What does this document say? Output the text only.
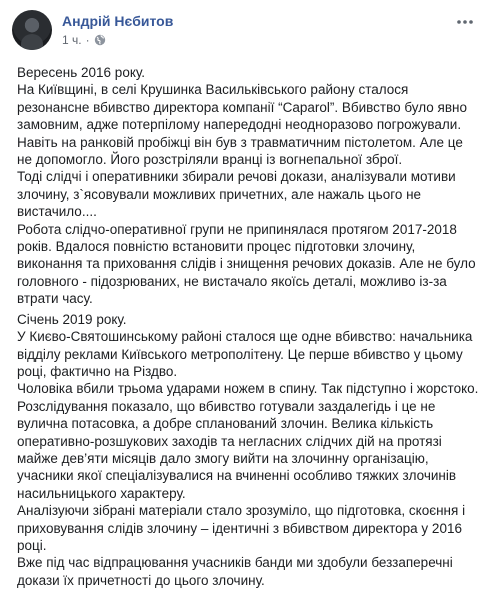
Андрій Нєбитов
1 ч. ·

Вересень 2016 року.

На Київщині, в селі Крушинка Васильківського району сталося резонансне вбивство директора компанії “Caparol”. Вбивство було явно замовним, адже потерпілому напередодні неодноразово погрожували. Навіть на ранковій пробіжці він був з травматичним пістолетом. Але це не допомогло. Його розстріляли вранці із вогнепальної зброї.

Тоді слідчі і оперативники збирали речові докази, аналізували мотиви злочину, з`ясовували можливих причетних, але нажаль цього не вистачило....

Робота слідчо-оперативної групи не припинялася протягом 2017-2018 років. Вдалося повністю встановити процес підготовки злочину, виконання та приховання слідів і знищення речових доказів. Але не було головного - підозрюваних, не вистачало якоїсь деталі, можливо із-за втрати часу.

Січень 2019 року.

У Києво-Святошинському районі сталося ще одне вбивство: начальника відділу реклами Київського метрополітену. Це перше вбивство у цьому році, фактично на Різдво.

Чоловіка вбили трьома ударами ножем в спину. Так підступно і жорстоко.

Розслідування показало, що вбивство готували заздалегідь і це не вулична потасовка, а добре спланований злочин. Велика кількість оперативно-розшукових заходів та негласних слідчих дій на протязі майже дев’яти місяців дало змогу вийти на злочинну організацію, учасники якої спеціалізувалися на вчиненні особливо тяжких злочинів насильницького характеру.

Аналізуючи зібрані матеріали стало зрозуміло, що підготовка, скоєння і приховування слідів злочину – ідентичні з вбивством директора у 2016 році.

Вже під час відпрацювання учасників банди ми здобули беззаперечні докази їх причетності до цього злочину.
